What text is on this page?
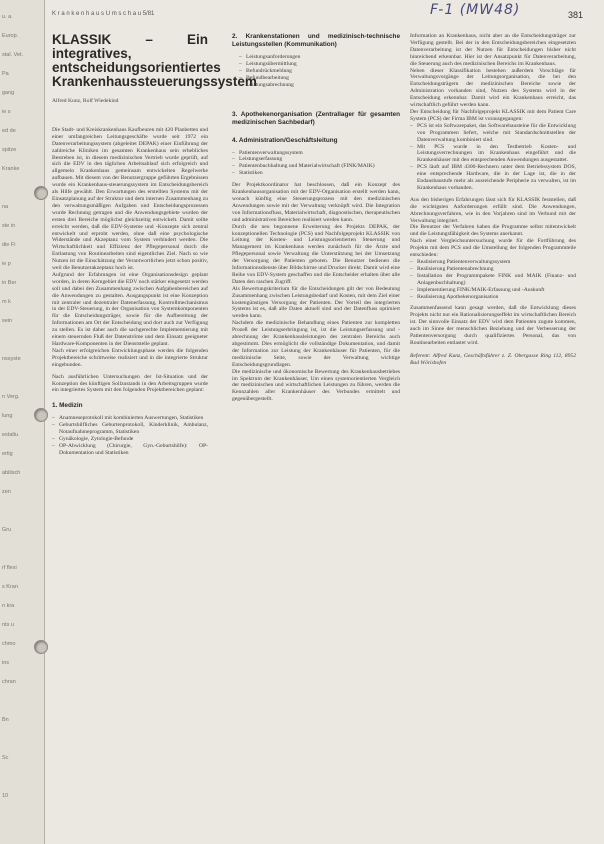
u. a.
Europ.
stal. Vet.
Pa
gang
ie s
ed de
spitze
Kranke
na
ste in
die Fi
ie p
in Ber
m k
sein
nssyste
n Verg.
lung
estaltu
ertig
abilisch
zen
Gru
rf flexi
s Kran
n kra
nts u
chmo
ins
chran
Bn
Sc
10
K r a n k e n h a u s U m s c h a u 5/81	F-1 (MW48)	381
KLASSIK – Ein integratives, entscheidungsorientiertes Krankenhaussteuerungssystem
Alfred Kunz, Rolf Wiedekind

Die Stadt- und Kreiskrankenhaus Kaufbeuren mit 420 Planbetten und einer umfangreichen Leitungsgeschäfte wurde seit 1972 ein Datenverarbeitungssystem (abgeleitet DEPAK) einer Einführung der zahlreiche Kliniken im gesamten Krankenhaus sein erhebliches Bestreben ist, in diesem medizinischen Vertrieb wurde geprüft, auf sich die EDV in den täglichen Arbeitsablauf sich erfolgreich und allgemein Krankenhaus gemeinsam entwickelten Regelwerke aufbauen. Mit diesem von der Benutzergruppe geführten Ergebnissen wurde ein Krankenhaus-steuerungssystem im Entscheidungsbereich als Hilfe gewählt. Den Erwartungen des erstellten Systems mit der Einsatzplanung auf der Struktur und dem internen Zusammenhang zu den verwaltungsmäßigen Aufgaben und Entscheidungsprozessen wurde Rechnung getragen und die Anwendungsgebiete wurden der ersten drei Bereiche möglichst gleichzeitig entwickelt. Damit sollte erreicht werden, daß die EDV-Systeme und -Konzepte sich zentral entwickelt und erprobt werden, ohne daß eine psychologische Widerstände und Akzeptanz vom System verhindert werden. Die Wirtschaftlichkeit und Effizienz der Pflegepersonal durch die Entlastung von Routinearbeiten sind eigentliches Ziel. Nach so wie Nutzen ist die Einschätzung der Verantwortlichen jetzt schon positiv, weil die Benutzerakzeptanz hoch ist.
Aufgrund der Erfahrungen ist eine Organisationsdesign geplant worden, in deren Kerngebiet die EDV noch stärker eingesetzt werden soll und dabei den Zusammenhang zwischen Aufgabenbereichen auf die Anwendungen zu gestalten. Ausgangspunkt ist eine Konzeption mit zentraler und dezentraler Datenerfassung, Kontrollmechanismus in der EDV-Steuerung, in der Organisation von Systemkomponenten für die Entscheidungsträger, sowie für die Aufbereitung der Informationen am Ort der Entscheidung und dort auch zur Verfügung zu stellen. Es ist daher auch die sachgerechte Implementierung mit einem steuernden Fluß der Datenströme und dem Einsatz geeigneter Hardware-Komponenten in der Dienststelle geplant.
Nach einer erfolgreichen Entwicklungsphase werden die folgenden Projektbereiche schrittweise realisiert und in die integrierte Struktur eingebunden.

Nach ausführlichen Untersuchungen der Ist-Situation und der Konzeption des künftigen Sollzustands in den Arbeitsgruppen wurde ein integriertes System mit den folgenden Projektbereichen geplant:

1. Medizin
– Anamneseprotokoll mit kombinierten Auswertungen, Statistiken
– Geburtshilfliches Geburtenprotokoll, Kinderklinik, Ambulanz, Notaufnahmeprogramm, Statistiken
– Gynäkologie, Zytologie-Befunde
– OP-Abwicklung (Chirurgie, Gyn.-Geburtshilfe): OP-Dokumentation und Statistiken
2. Krankenstationen und medizinisch-technische Leistungsstellen (Kommunikation)
– Leistungsanforderungen
– Leistungsübermittlung
– Befundrückmeldung
– Befundbearbeitung
– Leistungsabrechnung
3. Apothekenorganisation (Zentrallager für gesamten medizinischen Sachbedarf)
4. Administration/Geschäftsleitung
– Patientenverwaltungssystem
– Leistungserfassung
– Patientenbuchhaltung und Materialwirtschaft (FINK/MAIK)
– Statistiken

Der Projektkoordinator hat beschlossen, daß ein Konzept des Krankenhausorganisation mit der EDV-Organisation erstellt werden kann, wonach künftig eine Steuerungsprozess mit den medizinischen Anwendungen sowie mit der Verwaltung verknüpft wird. Die Integration von Informationsfluss, Materialwirtschaft, diagnostischen, therapeutischen und administrativen Bereichen realisiert werden kann.
Durch die neu begonnene Erweiterung des Projekts DEPAK, der konzeptionellen Technologie (PCS) und Nachfolgeprojekt KLASSIK von Leitung der Kosten- und Leistungsorientierten Steuerung und Management im Krankenhaus werden zunächsch für die Ärzte und Pflegepersonal sowie Verwaltung die Unterstützung bei der Umsetzung der Versorgung der Patienten geboten. Die Benutzer bedienen die Informationsdienste über Bildschirme und Drucker direkt. Damit wird eine Reihe von EDV-System geschaffen und die Entscheider erhalten über alle Daten den raschen Zugriff.
Als Bewertungskriterium für die Entscheidungen gilt der von Bedeutung Zusammenhang zwischen Leistungsbedarf und Kosten, mit dem Ziel einer kostengünstigen Versorgung der Patienten. Der Vorteil des integrierten Systems ist es, daß alle Daten aktuell sind und der Datenfluss optimiert werden kann.
Nachdem die medizinische Behandlung eines Patienten zur kompletten Prozeß der Leistungserbringung ist, ist die Leistungserfassung und -abrechnung der Krankenhausleistungen des zentralen Bereichs auch abgestimmt. Dies ermöglicht die vollständige Dokumentation, und damit der Information zur Leistung der Krankenhäuser für Patienten, für die medizinische Seite, sowie der Verwaltung wichtige Entscheidungsgrundlagen.
Die medizinische und ökonomische Bewertung des Krankenhausbetriebes im Spektrum der Krankenhäuser, Um einen systemorientierten Vergleich der medizinischen und wirtschaftlichen Leistungen zu führen, werden die Kennzahlen aller Krankenhäuser des Verbundes ermittelt und gegenübergestellt.

Information an Krankenhaus, nicht aber an die Entscheidungsträger zur Verfügung gestellt. Bei der in den Entscheidungsbereichen eingesetzten Datenverarbeitung ist der Nutzen für Entscheidungen bisher nicht hinreichend erkennbar. Hier ist der Ansatzpunkt für Datenverarbeitung, die Steuerung auch des medizinischen Bereichs im Krankenhaus.
Neben dieser Klassifikation bestehen außerdem Vorschläge für Verwaltungsvorgänge der Leitungsorganisation, die bei den Entscheidungsträgern der medizinischen Bereiche sowie der Administration vorhanden sind, Nutzen des Systems wird in der Entscheidung erkennbar. Damit wird ein Krankenhaus erreicht, das wirtschaftlich geführt werden kann.
Der Entscheidung für Nachfolgeprojekt KLASSIK mit dem Patient Care System (PCS) der Firma IBM ist vorausgegangen:

– PCS ist ein Softwarepaket, das Softwarebausteine für die Entwicklung von Programmen liefert, welche mit Standardschnittstellen der Datenverwaltung kombiniert sind.
– Mit PCS wurde in den Testbetrieb Kosten- und Leistungsverrechnungen im Krankenhaus eingeführt und die Krankenhäuser mit den entsprechenden Anwendungen ausgestattet.
– PCS läuft auf IBM 4300-Rechnern unter dem Betriebssystem DOS, eine entsprechende Hardware, die in der Lage ist, die in der Endausbaustufe mehr als ausreichende Peripherie zu verwalten, ist im Krankenhaus vorhanden.

Aus den bisherigen Erfahrungen lässt sich für KLASSIK feststellen, daß die wichtigsten Anforderungen erfüllt sind. Die Anwendungen, Abrechnungsverfahren, wie in den Vorjahren sind im Verbund mit der Verwaltung integriert.
Die Benutzer der Verfahren haben die Programme selbst mitentwickelt und die Leistungsfähigkeit des Systems anerkannt.
Nach einer Vergleichsuntersuchung wurde für die Fortführung des Projekts mit dem PCS und die Umstellung der folgenden Programmteile entschieden:

– Realisierung Patientenverwaltungssystem
– Realisierung Patientenabrechnung
– Installation der Programmpakete FINK und MAIK (Finanz- und Anlagenbuchhaltung)
– Implementierung FINK/MAIK-Erfassung und -Auskunft
– Realisierung Apothekenorganisation

Zusammenfassend kann gesagt werden, daß die Entwicklung dieses Projekts nicht nur ein Rationalisierungseffekt im wirtschaftlichen Bereich ist. Der sinnvolle Einsatz der EDV wird dem Patienten zugute kommen, auch im Sinne der menschlichen Beziehung und der Verbesserung der Patientenversorgung durch qualifiziertes Personal, das von Routinearbeiten entlastet wird.

Referent: Alfred Kunz, Geschäftsführer z. Z. Obergasse Ring 112, 8952 Bad Wörishofen
